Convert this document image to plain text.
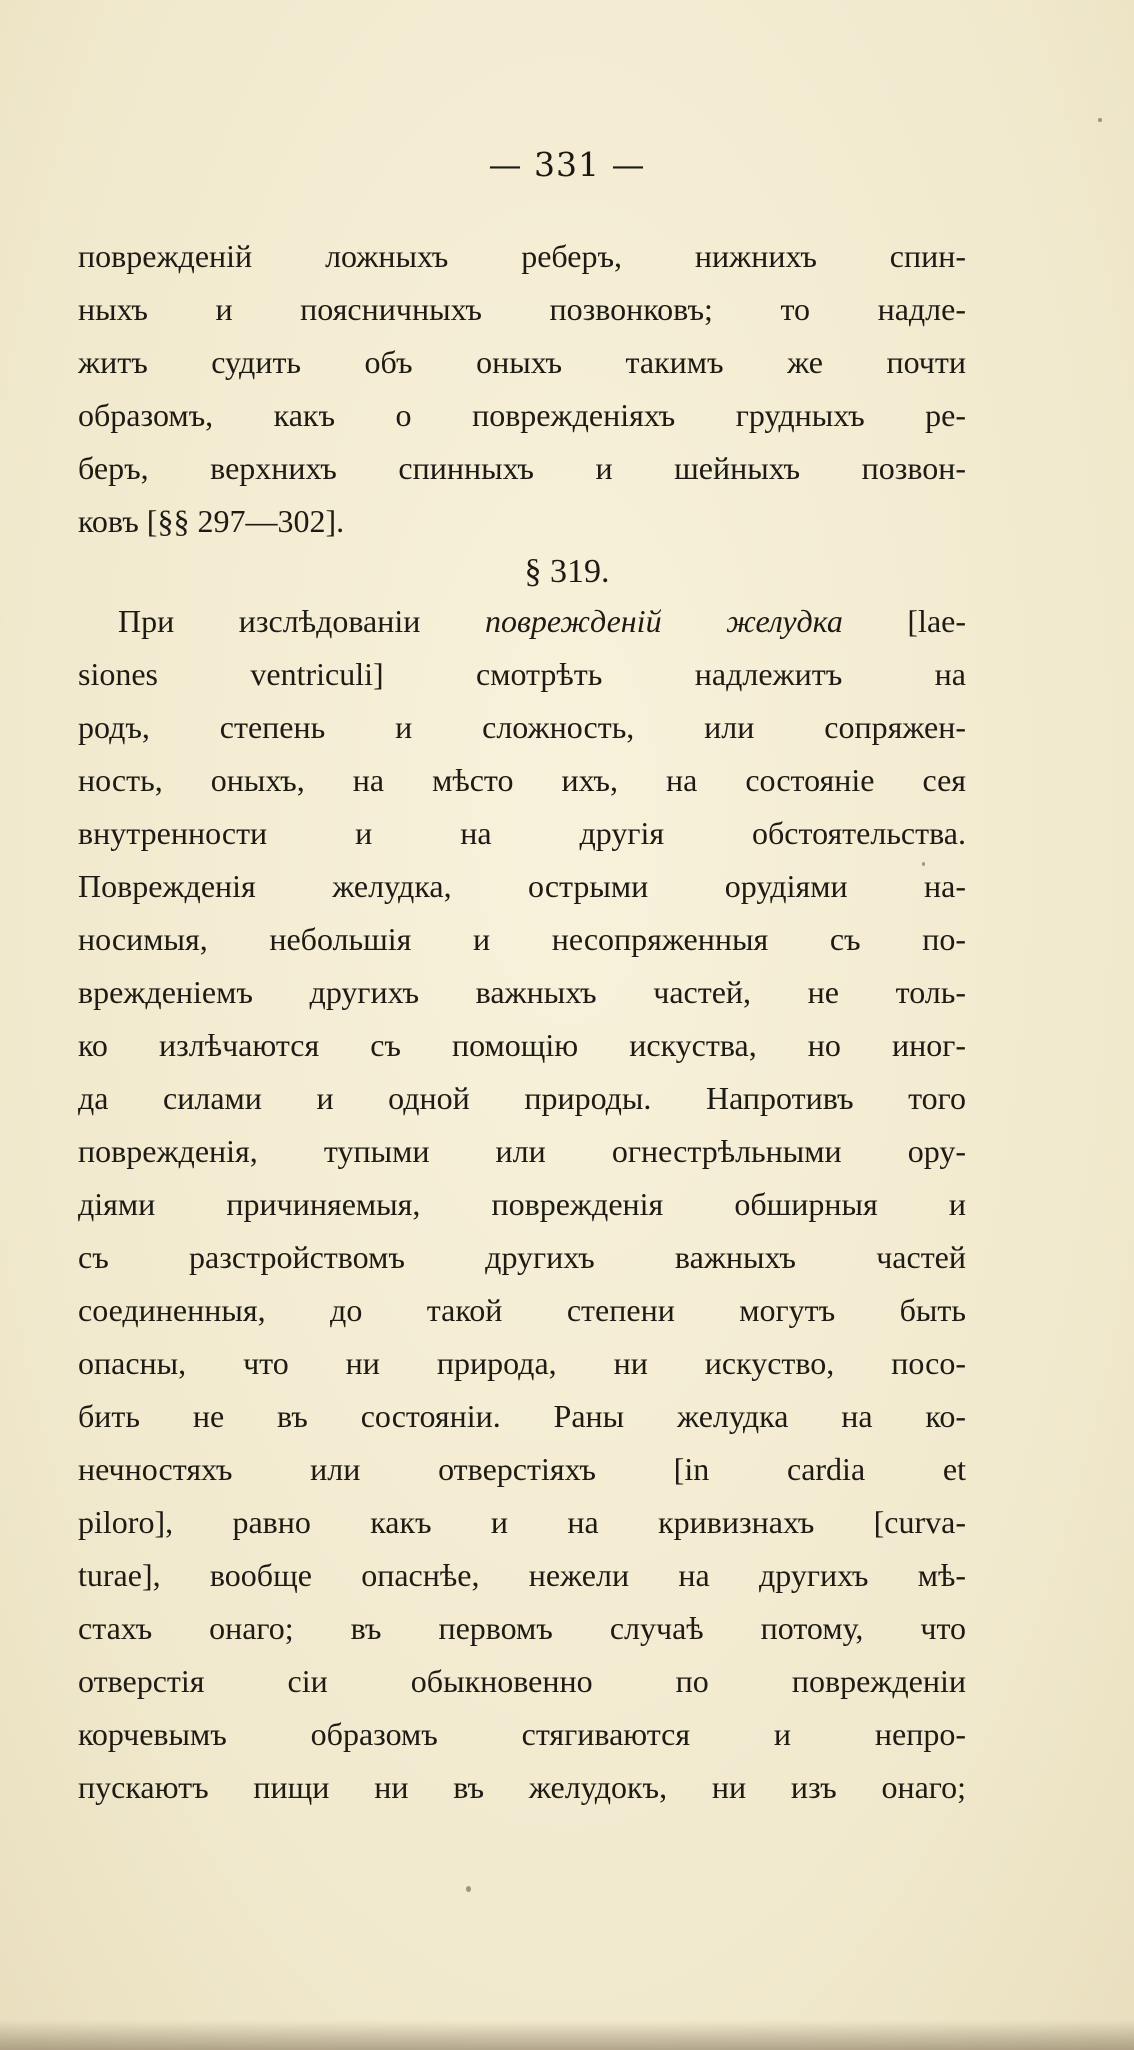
— 331 —
поврежденій ложныхъ реберъ, нижнихъ спин-
ныхъ и поясничныхъ позвонковъ; то надле-
житъ судить объ оныхъ такимъ же почти
образомъ, какъ о поврежденіяхъ грудныхъ ре-
беръ, верхнихъ спинныхъ и шейныхъ позвон-
ковъ [§§ 297—302].
§ 319.
При изслѣдованіи поврежденій желудка [lae-
siones ventriculi] смотрѣть надлежитъ на
родъ, степень и сложность, или сопряжен-
ность, оныхъ, на мѣсто ихъ, на состояніе сея
внутренности и на другія обстоятельства.
Поврежденія желудка, острыми орудіями на-
носимыя, небольшія и несопряженныя съ по-
врежденіемъ другихъ важныхъ частей, не толь-
ко излѣчаются съ помощію искуства, но иног-
да силами и одной природы. Напротивъ того
поврежденія, тупыми или огнестрѣльными ору-
діями причиняемыя, поврежденія обширныя и
съ разстройствомъ другихъ важныхъ частей
соединенныя, до такой степени могутъ быть
опасны, что ни природа, ни искуство, посо-
бить не въ состояніи. Раны желудка на ко-
нечностяхъ или отверстіяхъ [in cardia et
piloro], равно какъ и на кривизнахъ [curva-
turae], вообще опаснѣе, нежели на другихъ мѣ-
стахъ онаго; въ первомъ случаѣ потому, что
отверстія сіи обыкновенно по поврежденіи
корчевымъ образомъ стягиваются и непро-
пускаютъ пищи ни въ желудокъ, ни изъ онаго;
